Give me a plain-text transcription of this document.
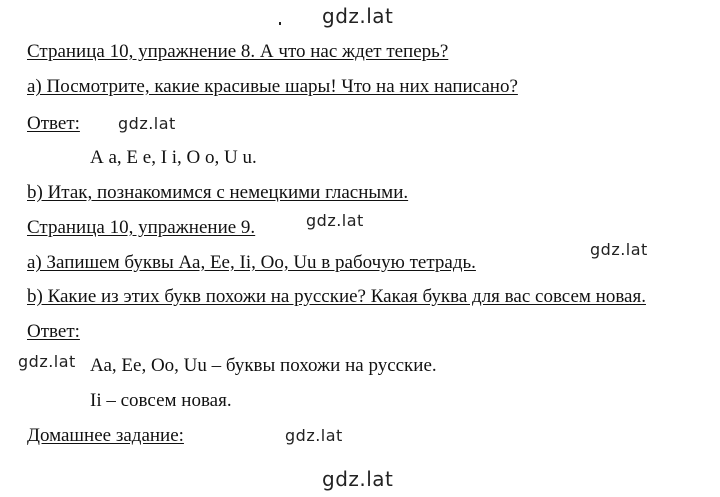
gdz.lat
Страница 10, упражнение 8. А что нас ждет теперь?
а) Посмотрите, какие красивые шары! Что на них написано?
Ответ: gdz.lat
А а, Е е, I i, О о, U u.
b) Итак, познакомимся с немецкими гласными.
Страница 10, упражнение 9.	gdz.lat
gdz.lat
а) Запишем буквы Аа, Ее, Ii, Оо, Uu в рабочую тетрадь.
b) Какие из этих букв похожи на русские? Какая буква для вас совсем новая.
Ответ:
gdz.lat Аа, Ее, Оо, Uu – буквы похожи на русские.
Ii – совсем новая.
Домашнее задание:	gdz.lat
gdz.lat
